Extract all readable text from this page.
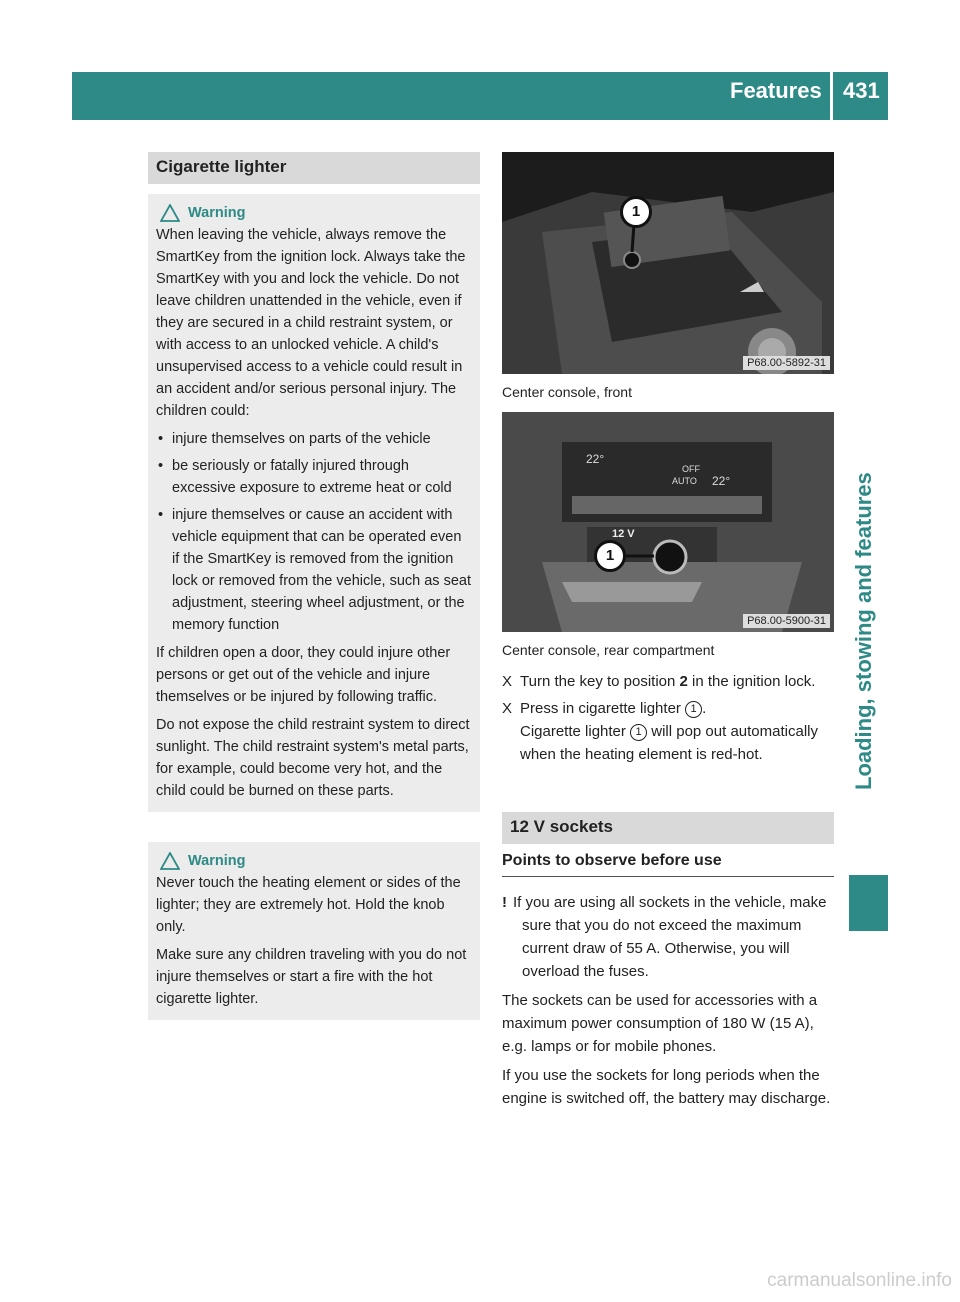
Features 431
Loading, stowing and features
Cigarette lighter
Warning

When leaving the vehicle, always remove the SmartKey from the ignition lock. Always take the SmartKey with you and lock the vehicle. Do not leave children unattended in the vehicle, even if they are secured in a child restraint system, or with access to an unlocked vehicle. A child's unsupervised access to a vehicle could result in an accident and/or serious personal injury. The children could:

• injure themselves on parts of the vehicle
• be seriously or fatally injured through excessive exposure to extreme heat or cold
• injure themselves or cause an accident with vehicle equipment that can be operated even if the SmartKey is removed from the ignition lock or removed from the vehicle, such as seat adjustment, steering wheel adjustment, or the memory function

If children open a door, they could injure other persons or get out of the vehicle and injure themselves or be injured by following traffic.

Do not expose the child restraint system to direct sunlight. The child restraint system's metal parts, for example, could become very hot, and the child could be burned on these parts.

Warning

Never touch the heating element or sides of the lighter; they are extremely hot. Hold the knob only.

Make sure any children traveling with you do not injure themselves or start a fire with the hot cigarette lighter.

1
P68.00-5892-31
Center console, front
12 V
OFF
AUTO
22°
22°
1
P68.00-5900-31
Center console, rear compartment
X Turn the key to position 2 in the ignition lock.
X Press in cigarette lighter 1 .
Cigarette lighter 1 will pop out automatically when the heating element is red-hot.
12 V sockets
Points to observe before use
! If you are using all sockets in the vehicle, make sure that you do not exceed the maximum current draw of 55 A. Otherwise, you will overload the fuses.

The sockets can be used for accessories with a maximum power consumption of 180 W (15 A), e.g. lamps or for mobile phones.

If you use the sockets for long periods when the engine is switched off, the battery may discharge.

carmanualsonline.info
